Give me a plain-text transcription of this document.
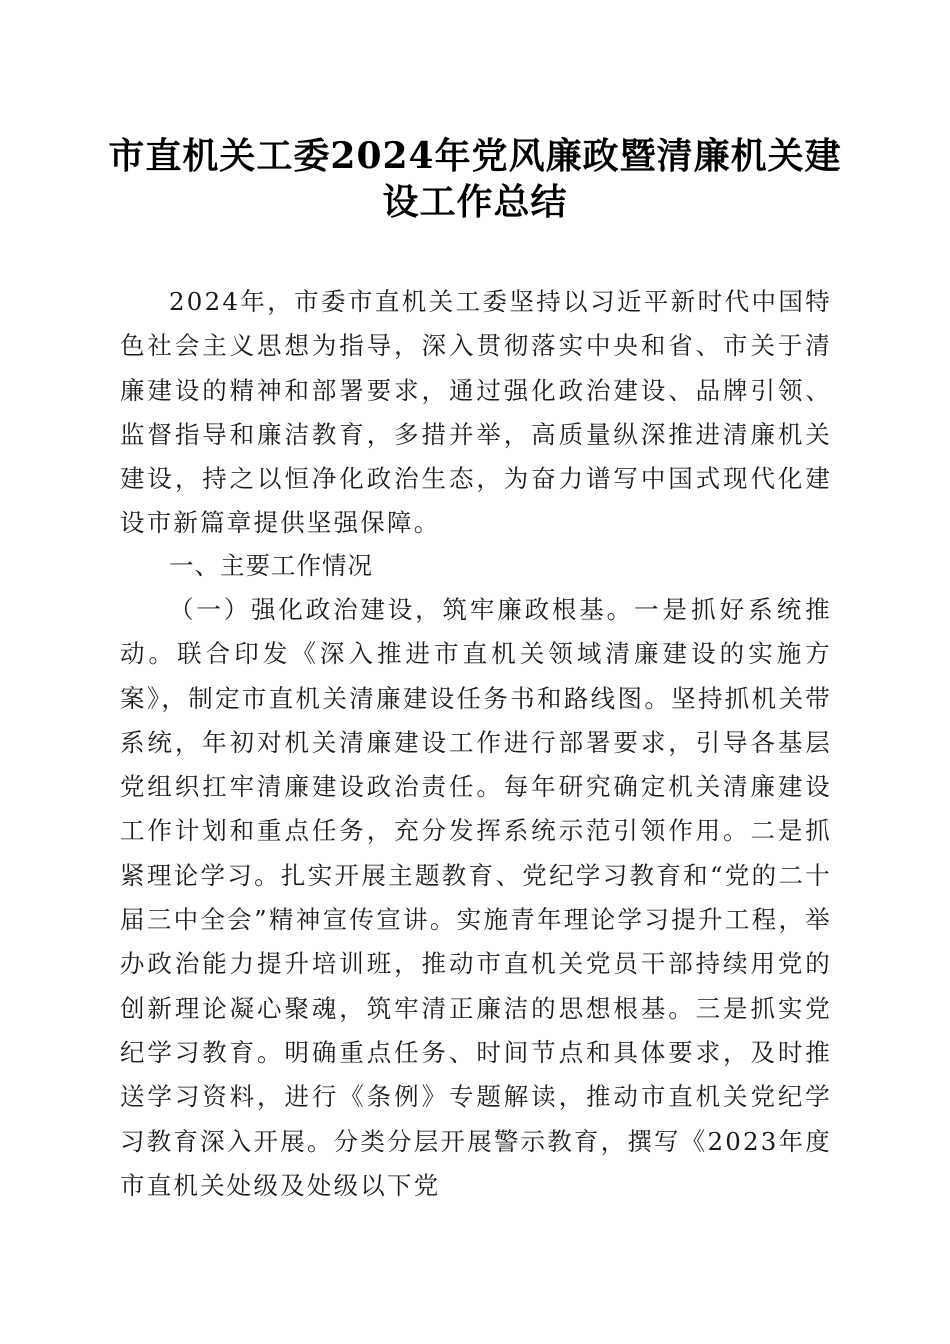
市直机关工委2024年党风廉政暨清廉机关建设工作总结

2024年，市委市直机关工委坚持以习近平新时代中国特色社会主义思想为指导，深入贯彻落实中央和省、市关于清廉建设的精神和部署要求，通过强化政治建设、品牌引领、监督指导和廉洁教育，多措并举，高质量纵深推进清廉机关建设，持之以恒净化政治生态，为奋力谱写中国式现代化建设市新篇章提供坚强保障。

一、主要工作情况

（一）强化政治建设，筑牢廉政根基。一是抓好系统推动。联合印发《深入推进市直机关领域清廉建设的实施方案》，制定市直机关清廉建设任务书和路线图。坚持抓机关带系统，年初对机关清廉建设工作进行部署要求，引导各基层党组织扛牢清廉建设政治责任。每年研究确定机关清廉建设工作计划和重点任务，充分发挥系统示范引领作用。二是抓紧理论学习。扎实开展主题教育、党纪学习教育和“党的二十届三中全会”精神宣传宣讲。实施青年理论学习提升工程，举办政治能力提升培训班，推动市直机关党员干部持续用党的创新理论凝心聚魂，筑牢清正廉洁的思想根基。三是抓实党纪学习教育。明确重点任务、时间节点和具体要求，及时推送学习资料，进行《条例》专题解读，推动市直机关党纪学习教育深入开展。分类分层开展警示教育，撰写《2023年度市直机关处级及处级以下党
